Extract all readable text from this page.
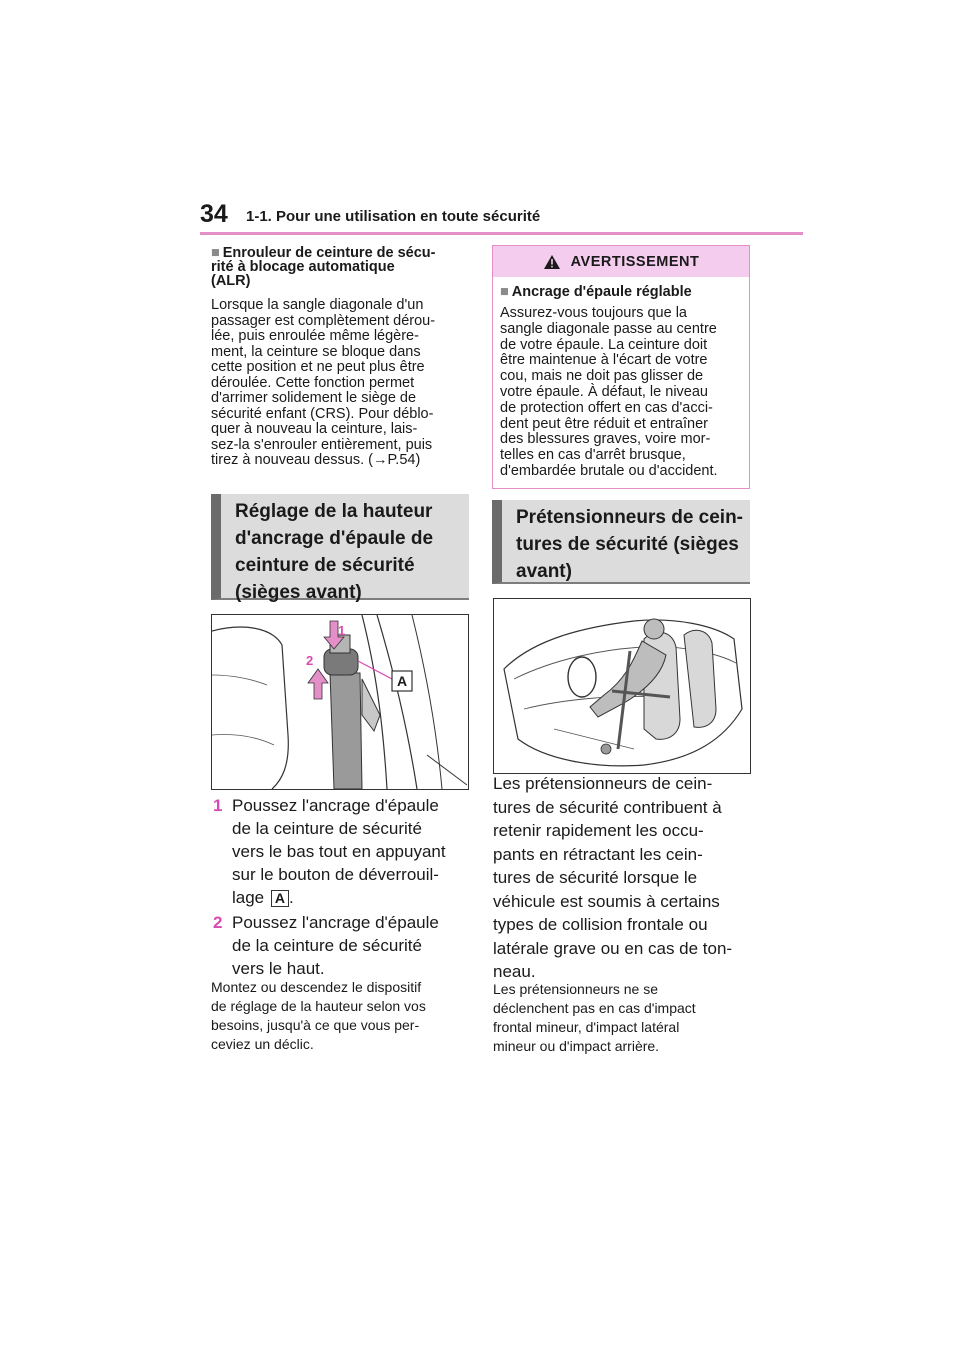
34 1-1. Pour une utilisation en toute sécurité
■ Enrouleur de ceinture de sécu-
rité à blocage automatique
(ALR)
Lorsque la sangle diagonale d'un
passager est complètement dérou-
lée, puis enroulée même légère-
ment, la ceinture se bloque dans
cette position et ne peut plus être
déroulée. Cette fonction permet
d'arrimer solidement le siège de
sécurité enfant (CRS). Pour déblo-
quer à nouveau la ceinture, lais-
sez-la s'enrouler entièrement, puis
tirez à nouveau dessus. (→P.54)
Réglage de la hauteur
d'ancrage d'épaule de
ceinture de sécurité
(sièges avant)
A
1
2
1 Poussez l'ancrage d'épaule
de la ceinture de sécurité
vers le bas tout en appuyant
sur le bouton de déverrouil-
lage A .
2 Poussez l'ancrage d'épaule
de la ceinture de sécurité
vers le haut.
Montez ou descendez le dispositif
de réglage de la hauteur selon vos
besoins, jusqu'à ce que vous per-
ceviez un déclic.
AVERTISSEMENT
■ Ancrage d'épaule réglable
Assurez-vous toujours que la
sangle diagonale passe au centre
de votre épaule. La ceinture doit
être maintenue à l'écart de votre
cou, mais ne doit pas glisser de
votre épaule. À défaut, le niveau
de protection offert en cas d'acci-
dent peut être réduit et entraîner
des blessures graves, voire mor-
telles en cas d'arrêt brusque,
d'embardée brutale ou d'accident.
Prétensionneurs de cein-
tures de sécurité (sièges
avant)
Les prétensionneurs de cein-
tures de sécurité contribuent à
retenir rapidement les occu-
pants en rétractant les cein-
tures de sécurité lorsque le
véhicule est soumis à certains
types de collision frontale ou
latérale grave ou en cas de ton-
neau.
Les prétensionneurs ne se
déclenchent pas en cas d'impact
frontal mineur, d'impact latéral
mineur ou d'impact arrière.
